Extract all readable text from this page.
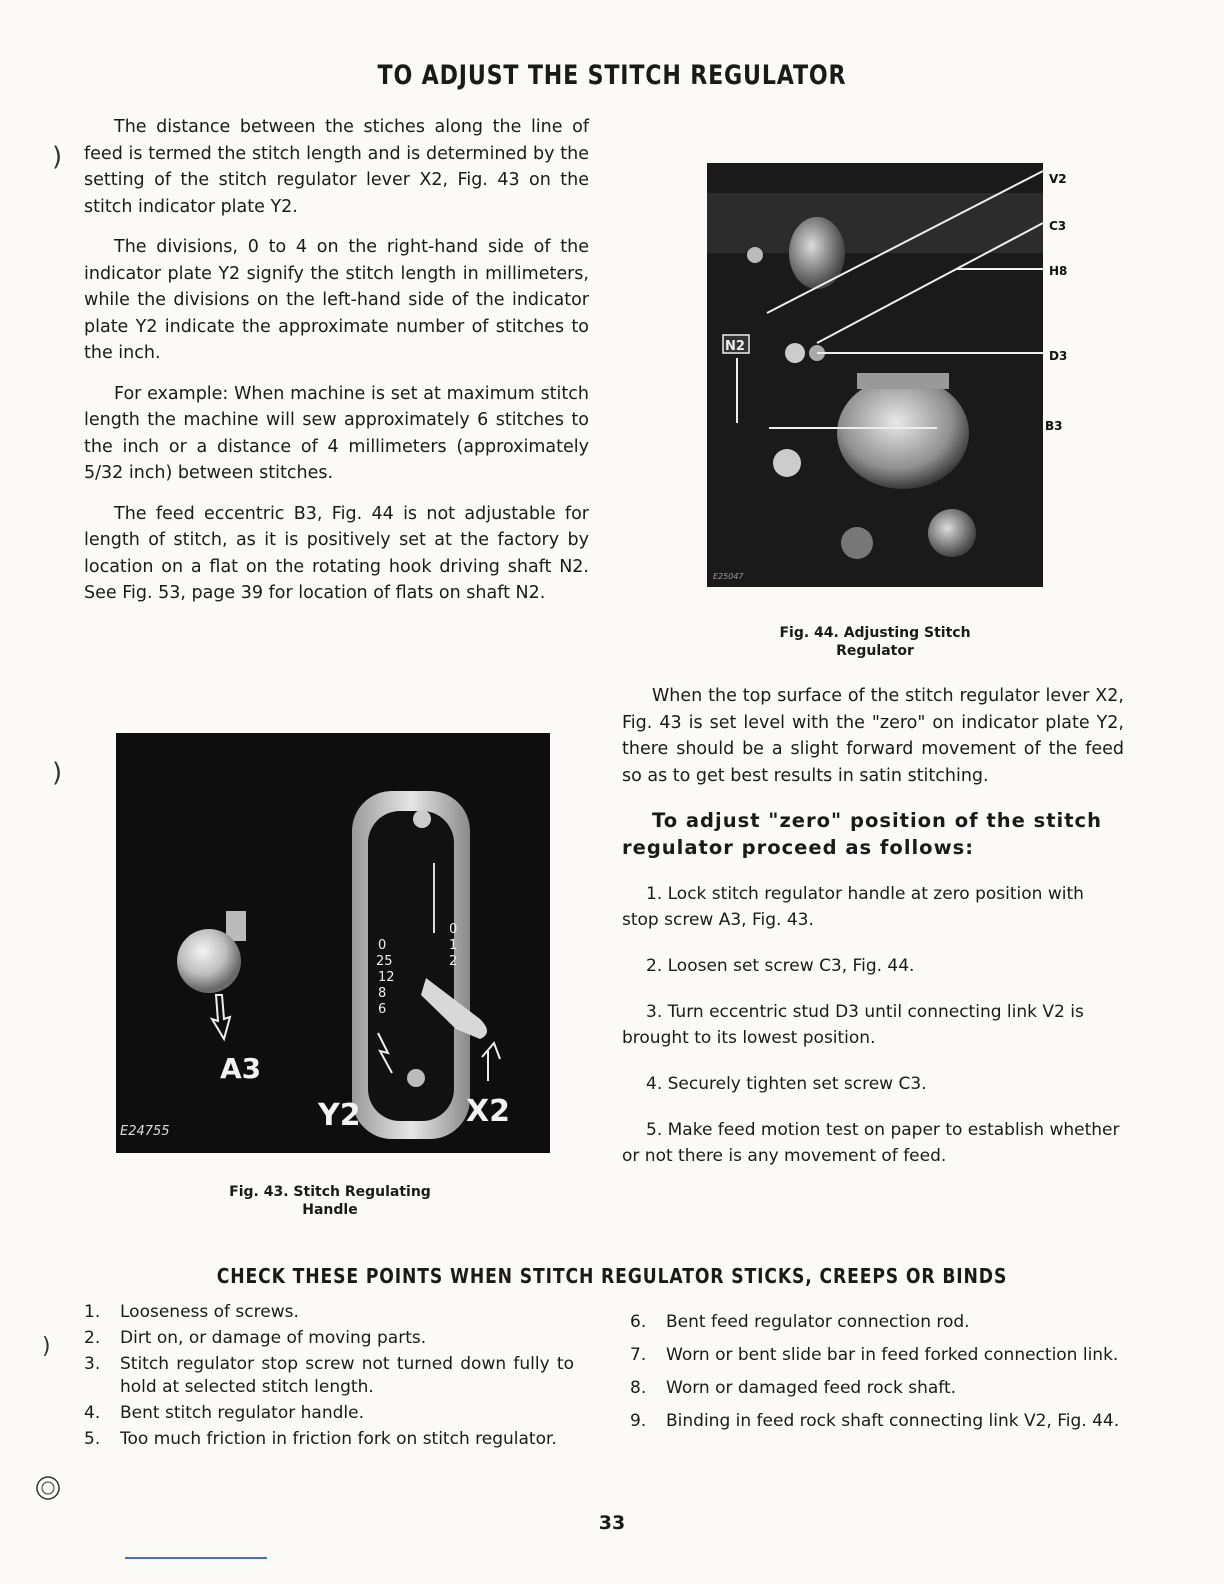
TO ADJUST THE STITCH REGULATOR
)
)
)

The distance between the stiches along the line of feed is termed the stitch length and is determined by the setting of the stitch regulator lever X2, Fig. 43 on the stitch indicator plate Y2.

The divisions, 0 to 4 on the right-hand side of the indicator plate Y2 signify the stitch length in millimeters, while the divisions on the left-hand side of the indicator plate Y2 indicate the approximate number of stitches to the inch.

For example: When machine is set at maximum stitch length the machine will sew approximately 6 stitches to the inch or a distance of 4 millimeters (approximately 5/32 inch) between stitches.

The feed eccentric B3, Fig. 44 is not adjustable for length of stitch, as it is positively set at the factory by location on a flat on the rotating hook driving shaft N2. See Fig. 53, page 39 for location of flats on shaft N2.

0 25 12 8 6
0 1 2
A3
Y2	X2
E24755
Fig. 43. Stitch Regulating
Handle
N2
E25047
V2
C3
H8
D3
B3
Fig. 44. Adjusting Stitch
Regulator

When the top surface of the stitch regulator lever X2, Fig. 43 is set level with the "zero" on indicator plate Y2, there should be a slight forward movement of the feed so as to get best results in satin stitching.

To adjust "zero" position of the stitch regulator proceed as follows:

1. Lock stitch regulator handle at zero position with stop screw A3, Fig. 43.

2. Loosen set screw C3, Fig. 44.

3. Turn eccentric stud D3 until connecting link V2 is brought to its lowest position.

4. Securely tighten set screw C3.

5. Make feed motion test on paper to establish whether or not there is any movement of feed.

CHECK THESE POINTS WHEN STITCH REGULATOR STICKS, CREEPS OR BINDS
1.	Looseness of screws.
2.	Dirt on, or damage of moving parts.
3.	Stitch regulator stop screw not turned down fully to hold at selected stitch length.
4.	Bent stitch regulator handle.
5.	Too much friction in friction fork on stitch regulator.
6.	Bent feed regulator connection rod.
7.	Worn or bent slide bar in feed forked connection link.
8.	Worn or damaged feed rock shaft.
9.	Binding in feed rock shaft connecting link V2, Fig. 44.
33
